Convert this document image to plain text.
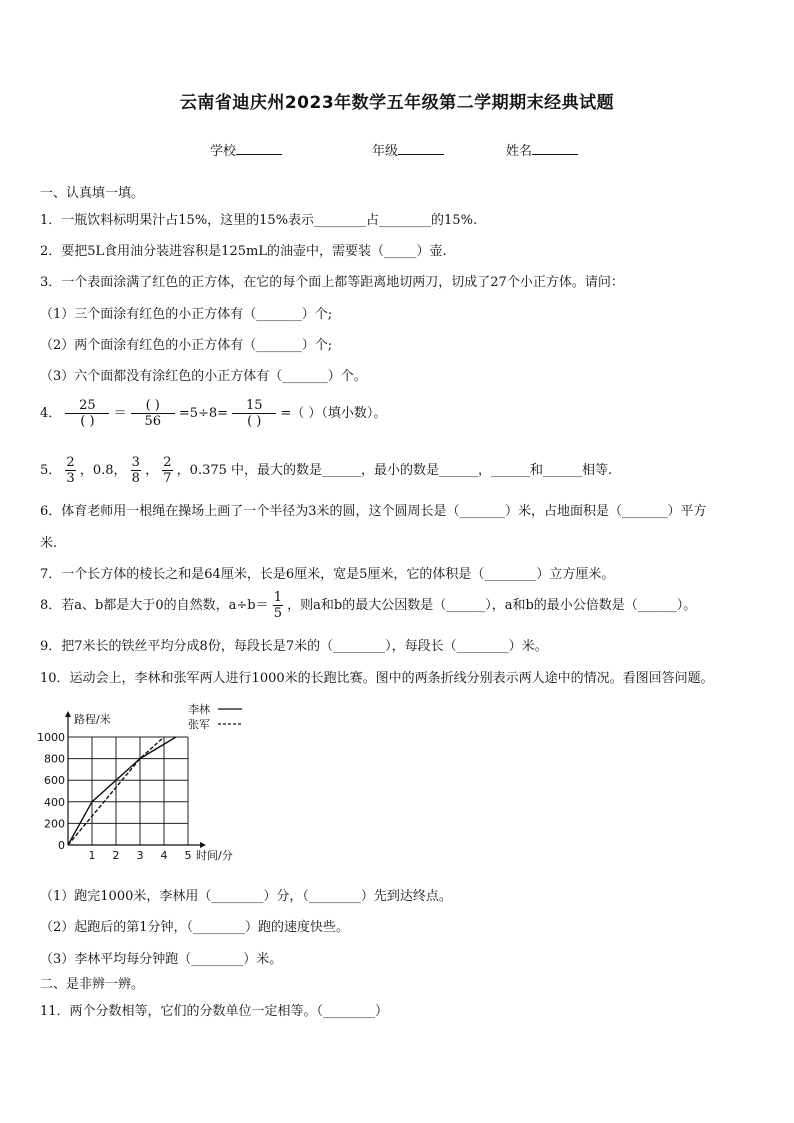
云南省迪庆州2023年数学五年级第二学期期末经典试题
学校	年级	姓名
一、认真填一填。
1．一瓶饮料标明果汁占15%，这里的15%表示________占________的15%.
2．要把5L食用油分装进容积是125mL的油壶中，需要装（_____）壶.
3．一个表面涂满了红色的正方体，在它的每个面上都等距离地切两刀，切成了27个小正方体。请问：
（1）三个面涂有红色的小正方体有（_______）个;
（2）两个面涂有红色的小正方体有（_______）个;
（3）六个面都没有涂红色的小正方体有（_______）个。
4． $\frac{25}{( )} = \frac{( )}{56} =5\div 8= \frac{15}{( )}$ =（ ）（填小数）。
5． $\frac{2}{3}$ ，0.8， $\frac{3}{8}$ ， $\frac{2}{7}$ ，0.375 中，最大的数是______，最小的数是______，______和______相等.
6．体育老师用一根绳在操场上画了一个半径为3米的圆，这个圆周长是（_______）米，占地面积是（_______）平方
米.
7．一个长方体的棱长之和是64厘米，长是6厘米，宽是5厘米，它的体积是（________）立方厘米。
8．若a、b都是大于0的自然数，$a\div b= \frac{1}{5}$ ，则a和b的最大公因数是（______），a和b的最小公倍数是（______）。
9．把7米长的铁丝平均分成8份，每段长是7米的（________），每段长（________）米。
10．运动会上，李林和张军两人进行1000米的长跑比赛。图中的两条折线分别表示两人途中的情况。看图回答问题。
0
200
400
600
800
1000
1 2 3 4 5
路程/米
时间/分
李林
张军
（1）跑完1000米，李林用（________）分，（________）先到达终点。
（2）起跑后的第1分钟，（________）跑的速度快些。
（3）李林平均每分钟跑（________）米。
二、是非辨一辨。
11．两个分数相等，它们的分数单位一定相等。（________）
